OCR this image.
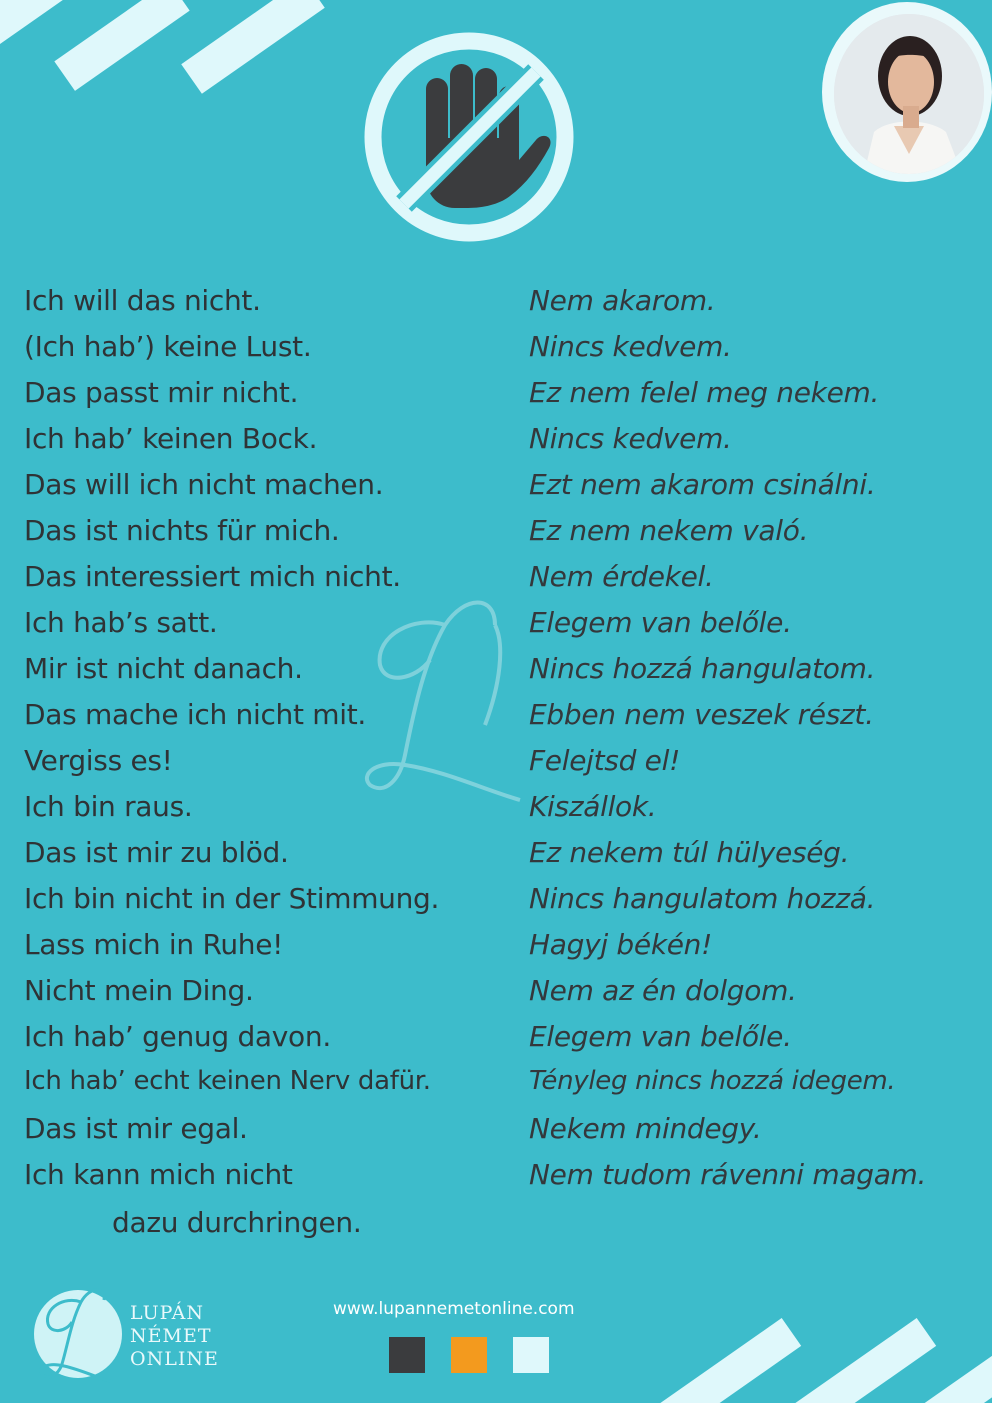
Ich will das nicht.	Nem akarom.
(Ich hab’) keine Lust.	Nincs kedvem.
Das passt mir nicht.	Ez nem felel meg nekem.
Ich hab’ keinen Bock.	Nincs kedvem.
Das will ich nicht machen.	Ezt nem akarom csinálni.
Das ist nichts für mich.	Ez nem nekem való.
Das interessiert mich nicht.	Nem érdekel.
Ich hab’s satt.	Elegem van belőle.
Mir ist nicht danach.	Nincs hozzá hangulatom.
Das mache ich nicht mit.	Ebben nem veszek részt.
Vergiss es!	Felejtsd el!
Ich bin raus.	Kiszállok.
Das ist mir zu blöd.	Ez nekem túl hülyeség.
Ich bin nicht in der Stimmung.	Nincs hangulatom hozzá.
Lass mich in Ruhe!	Hagyj békén!
Nicht mein Ding.	Nem az én dolgom.
Ich hab’ genug davon.	Elegem van belőle.
Ich hab’ echt keinen Nerv dafür.	Tényleg nincs hozzá idegem.
Das ist mir egal.	Nekem mindegy.
Ich kann mich nicht	Nem tudom rávenni magam.
dazu durchringen.
LUPÁN
NÉMET
ONLINE
www.lupannemetonline.com
